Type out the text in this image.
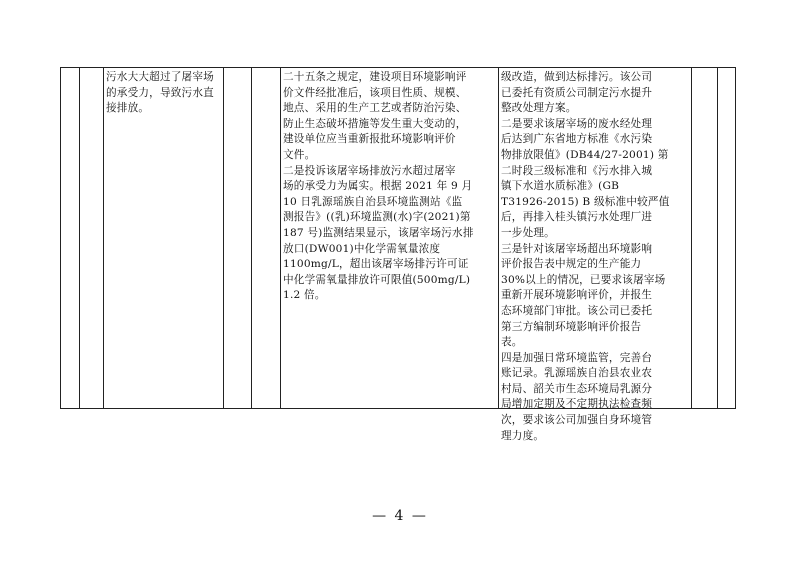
污水大大超过了屠宰场
的承受力，导致污水直
接排放。
二十五条之规定，建设项目环境影响评
价文件经批准后，该项目性质、规模、
地点、采用的生产工艺或者防治污染、
防止生态破坏措施等发生重大变动的，
建设单位应当重新报批环境影响评价
文件。
二是投诉该屠宰场排放污水超过屠宰
场的承受力为属实。根据 2021 年 9 月
10 日乳源瑶族自治县环境监测站《监
测报告》((乳)环境监测(水)字(2021)第
187 号)监测结果显示，该屠宰场污水排
放口(DW001)中化学需氧量浓度
1100mg/L，超出该屠宰场排污许可证
中化学需氧量排放许可限值(500mg/L)
1.2 倍。
级改造，做到达标排污。该公司
已委托有资质公司制定污水提升
整改处理方案。
二是要求该屠宰场的废水经处理
后达到广东省地方标准《水污染
物排放限值》(DB44/27-2001) 第
二时段三级标准和《污水排入城
镇下水道水质标准》(GB
T31926-2015) B 级标准中较严值
后，再排入桂头镇污水处理厂进
一步处理。
三是针对该屠宰场超出环境影响
评价报告表中规定的生产能力
30%以上的情况，已要求该屠宰场
重新开展环境影响评价，并报生
态环境部门审批。该公司已委托
第三方编制环境影响评价报告
表。
四是加强日常环境监管，完善台
账记录。乳源瑶族自治县农业农
村局、韶关市生态环境局乳源分
局增加定期及不定期执法检查频
次，要求该公司加强自身环境管
理力度。
— 4 —
